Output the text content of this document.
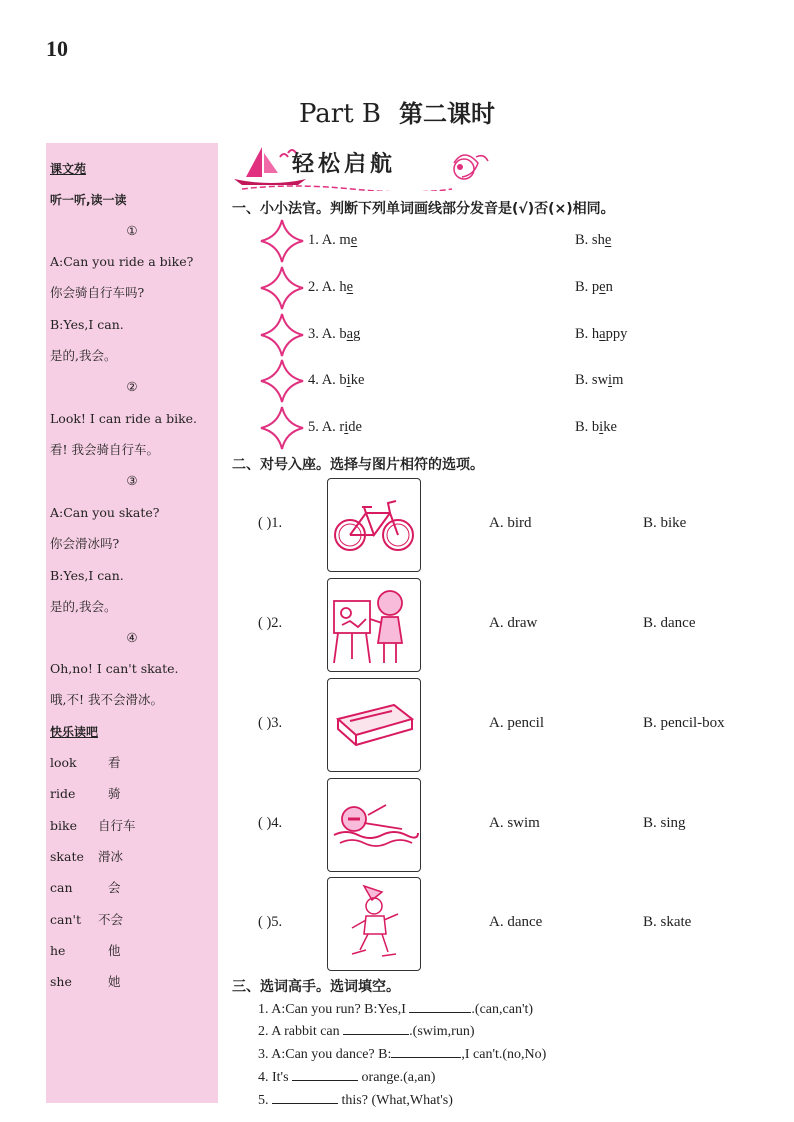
10
Part B 第二课时
课文苑
听一听,读一读
①
A:Can you ride a bike?
你会骑自行车吗?
B:Yes,I can.
是的,我会。
②
Look! I can ride a bike.
看! 我会骑自行车。
③
A:Can you skate?
你会滑冰吗?
B:Yes,I can.
是的,我会。
④
Oh,no! I can't skate.
哦,不! 我不会滑冰。
快乐读吧
look	看
ride	骑
bike 自行车
skate 滑冰
can	会
can't 不会
he	他
she	她
轻松启航
一、小小法官。判断下列单词画线部分发音是(√)否(×)相同。
1. A. me	B. she
2. A. he	B. pen
3. A. bag	B. happy
4. A. bike	B. swim
5. A. ride	B. bike
二、对号入座。选择与图片相符的选项。
( )1.	A. bird	B. bike
( )2.	A. draw	B. dance
( )3.	A. pencil	B. pencil-box
( )4.	A. swim	B. sing
( )5.	A. dance	B. skate
三、选词高手。选词填空。
1. A:Can you run? B:Yes,I	.(can,can't)
2. A rabbit can	.(swim,run)
3. A:Can you dance? B:	,I can't.(no,No)
4. It's	orange.(a,an)
5.	this? (What,What's)
